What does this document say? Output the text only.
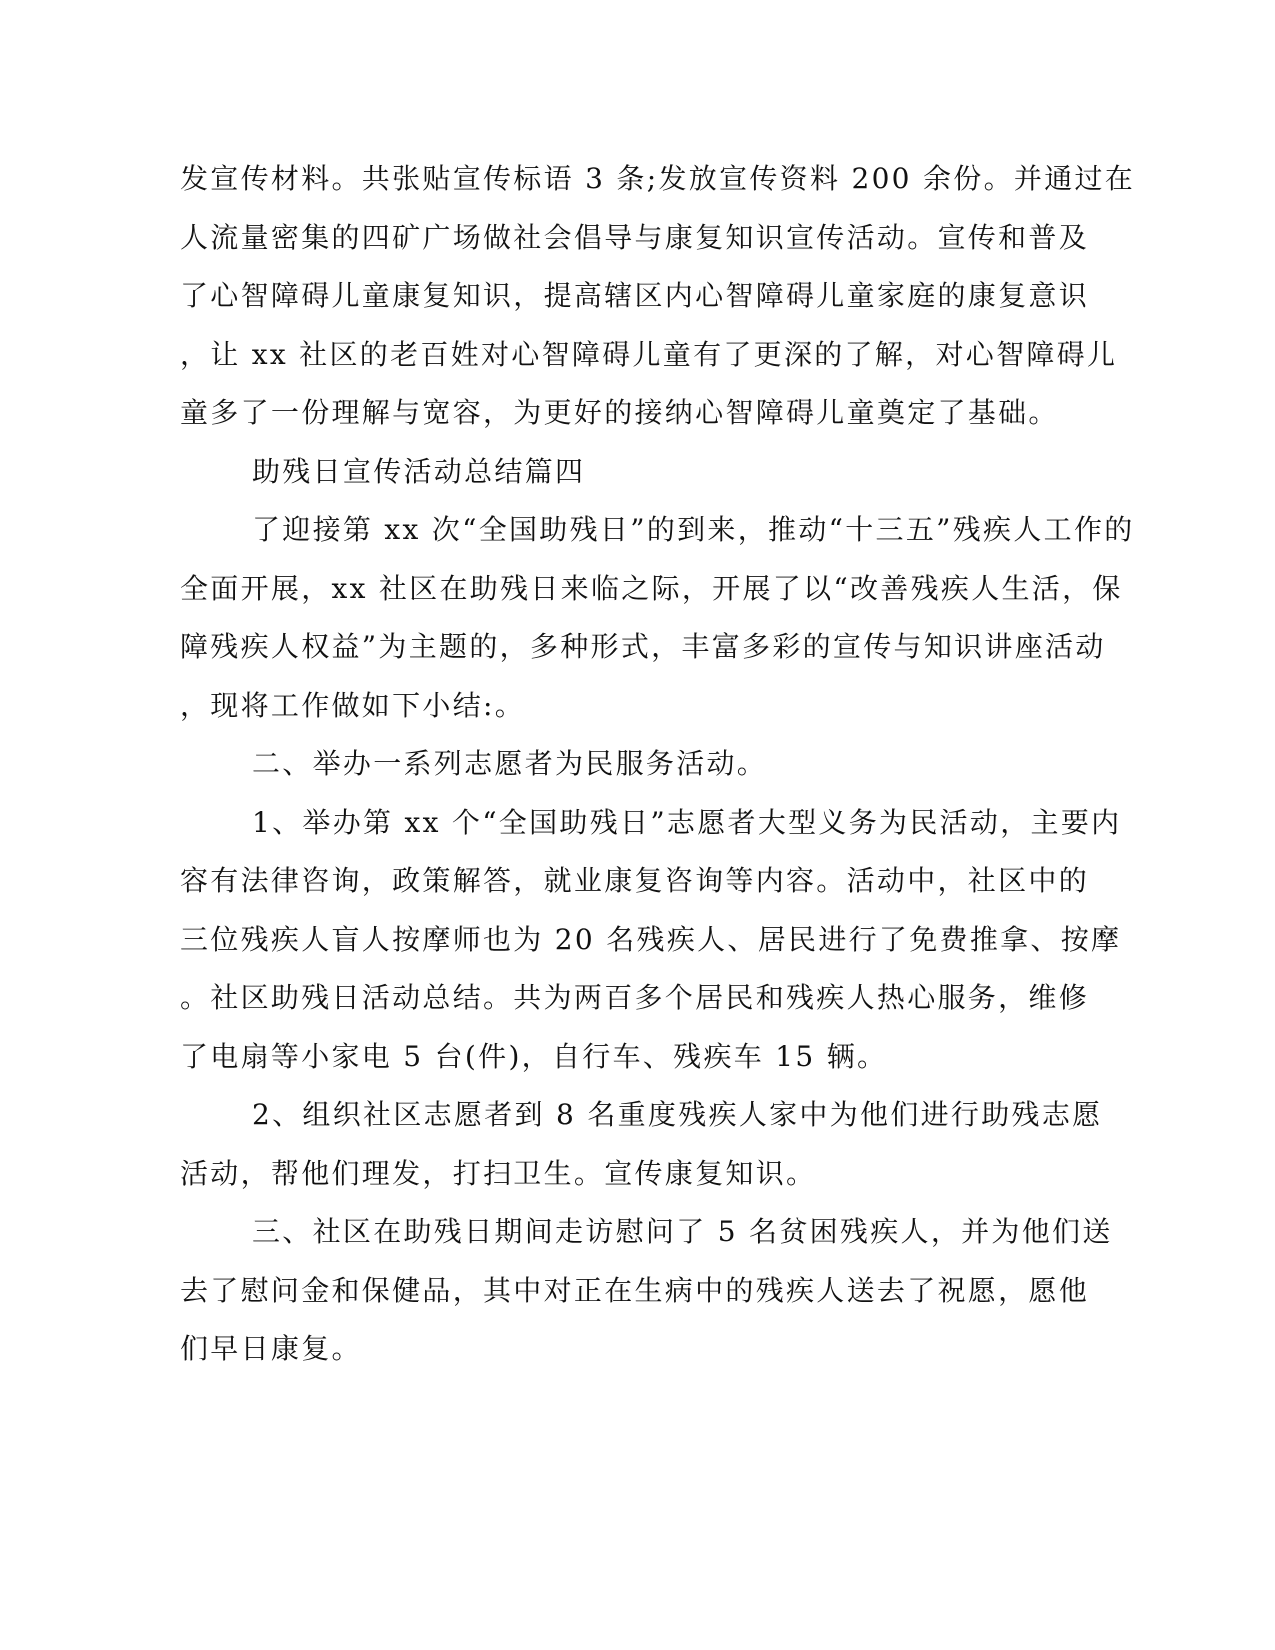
发宣传材料。共张贴宣传标语 3 条;发放宣传资料 200 余份。并通过在
人流量密集的四矿广场做社会倡导与康复知识宣传活动。宣传和普及
了心智障碍儿童康复知识，提高辖区内心智障碍儿童家庭的康复意识
，让 xx 社区的老百姓对心智障碍儿童有了更深的了解，对心智障碍儿
童多了一份理解与宽容，为更好的接纳心智障碍儿童奠定了基础。

助残日宣传活动总结篇四

了迎接第 xx 次“全国助残日”的到来，推动“十三五”残疾人工作的
全面开展，xx 社区在助残日来临之际，开展了以“改善残疾人生活，保
障残疾人权益”为主题的，多种形式，丰富多彩的宣传与知识讲座活动
，现将工作做如下小结:。

二、举办一系列志愿者为民服务活动。

1、举办第 xx 个“全国助残日”志愿者大型义务为民活动，主要内
容有法律咨询，政策解答，就业康复咨询等内容。活动中，社区中的
三位残疾人盲人按摩师也为 20 名残疾人、居民进行了免费推拿、按摩
。社区助残日活动总结。共为两百多个居民和残疾人热心服务，维修
了电扇等小家电 5 台(件)，自行车、残疾车 15 辆。

2、组织社区志愿者到 8 名重度残疾人家中为他们进行助残志愿
活动，帮他们理发，打扫卫生。宣传康复知识。

三、社区在助残日期间走访慰问了 5 名贫困残疾人，并为他们送
去了慰问金和保健品，其中对正在生病中的残疾人送去了祝愿，愿他
们早日康复。
